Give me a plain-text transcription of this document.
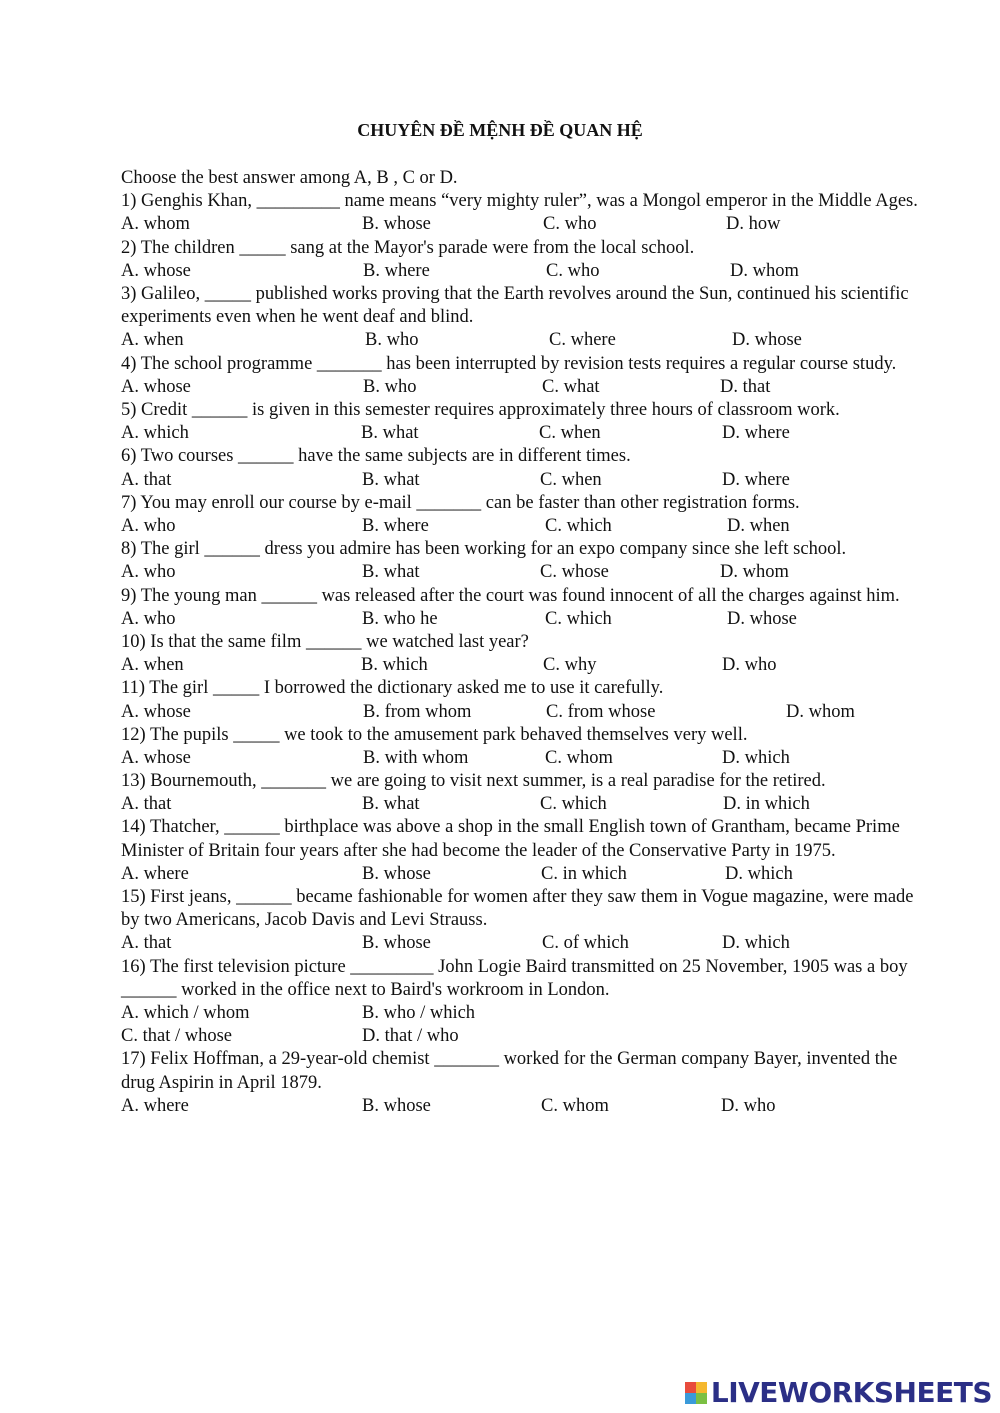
CHUYÊN ĐỀ MỆNH ĐỀ QUAN HỆ
Choose the best answer among A, B , C or D.
1) Genghis Khan, _________ name means “very mighty ruler”, was a Mongol emperor in the Middle Ages.
A. whom	B. whose	C. who	D. how
2) The children _____ sang at the Mayor's parade were from the local school.
A. whose	B. where	C. who	D. whom
3) Galileo, _____ published works proving that the Earth revolves around the Sun, continued his scientific experiments even when he went deaf and blind.
A. when	B. who	C. where	D. whose
4) The school programme _______ has been interrupted by revision tests requires a regular course study.
A. whose	B. who	C. what	D. that
5) Credit ______ is given in this semester requires approximately three hours of classroom work.
A. which	B. what	C. when	D. where
6) Two courses ______ have the same subjects are in different times.
A. that	B. what	C. when	D. where
7) You may enroll our course by e-mail _______ can be faster than other registration forms.
A. who	B. where	C. which	D. when
8) The girl ______ dress you admire has been working for an expo company since she left school.
A. who	B. what	C. whose	D. whom
9) The young man ______ was released after the court was found innocent of all the charges against him.
A. who	B. who he	C. which	D. whose
10) Is that the same film ______ we watched last year?
A. when	B. which	C. why	D. who
11) The girl _____ I borrowed the dictionary asked me to use it carefully.
A. whose	B. from whom	C. from whose	D. whom
12) The pupils _____ we took to the amusement park behaved themselves very well.
A. whose	B. with whom	C. whom	D. which
13) Bournemouth, _______ we are going to visit next summer, is a real paradise for the retired.
A. that	B. what	C. which	D. in which
14) Thatcher, ______ birthplace was above a shop in the small English town of Grantham, became Prime Minister of Britain four years after she had become the leader of the Conservative Party in 1975.
A. where	B. whose	C. in which	D. which
15) First jeans, ______ became fashionable for women after they saw them in Vogue magazine, were made by two Americans, Jacob Davis and Levi Strauss.
A. that	B. whose	C. of which	D. which
16) The first television picture _________ John Logie Baird transmitted on 25 November, 1905 was a boy ______ worked in the office next to Baird's workroom in London.
A. which / whom	B. who / which
C. that / whose	D. that / who
17) Felix Hoffman, a 29-year-old chemist _______ worked for the German company Bayer, invented the drug Aspirin in April 1879.
A. where	B. whose	C. whom	D. who
LIVEWORKSHEETS
